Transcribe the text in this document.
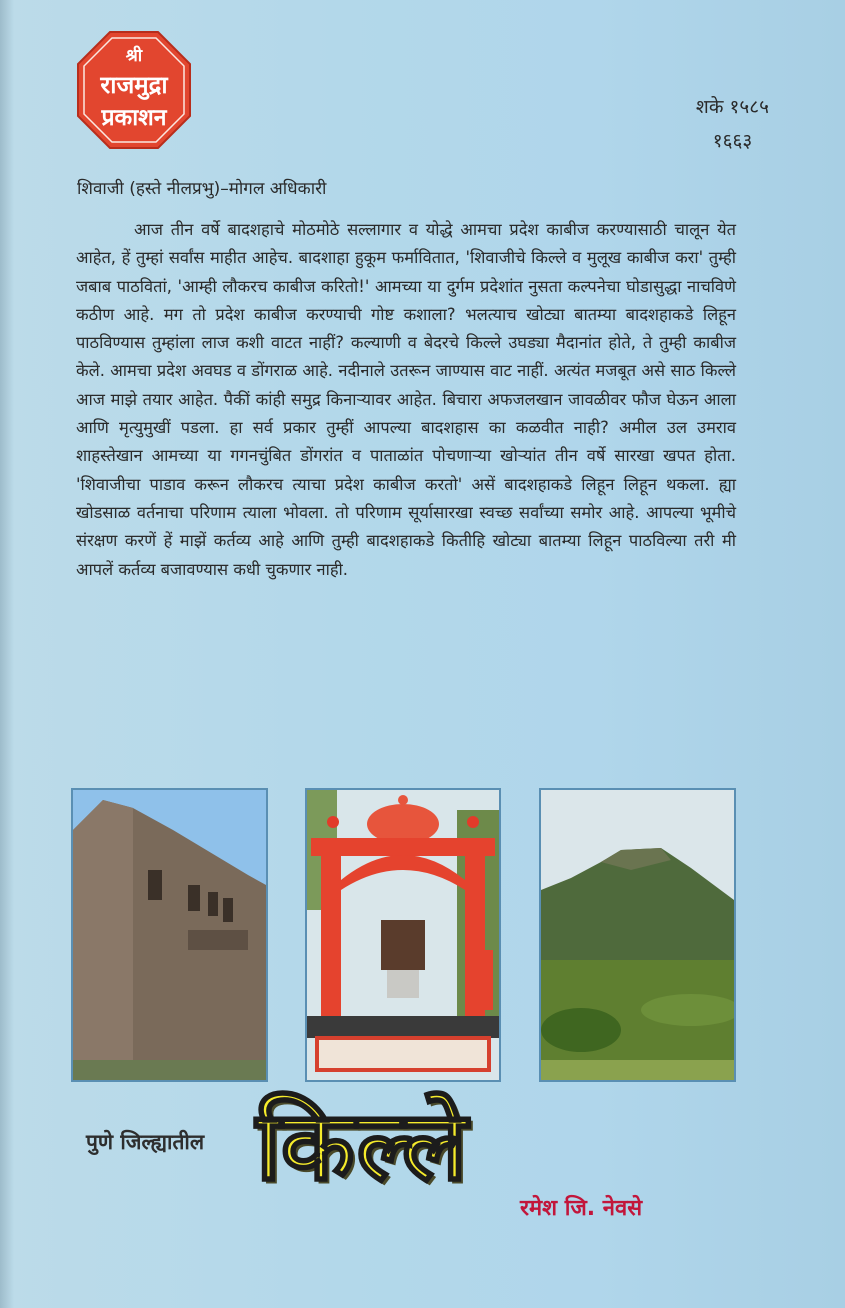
श्री
राजमुद्रा
प्रकाशन	शके १५८५
१६६३
शिवाजी (हस्ते नीलप्रभु)–मोगल अधिकारी

आज तीन वर्षे बादशहाचे मोठमोठे सल्लागार व योद्धे आमचा प्रदेश काबीज करण्यासाठी चालून येत आहेत, हें तुम्हां सर्वांस माहीत आहेच. बादशाहा हुकूम फर्मावितात, 'शिवाजीचे किल्ले व मुलूख काबीज करा' तुम्ही जबाब पाठवितां, 'आम्ही लौकरच काबीज करितो!' आमच्या या दुर्गम प्रदेशांत नुसता कल्पनेचा घोडासुद्धा नाचविणे कठीण आहे. मग तो प्रदेश काबीज करण्याची गोष्ट कशाला? भलत्याच खोट्या बातम्या बादशहाकडे लिहून पाठविण्यास तुम्हांला लाज कशी वाटत नाहीं? कल्याणी व बेदरचे किल्ले उघड्या मैदानांत होते, ते तुम्ही काबीज केले. आमचा प्रदेश अवघड व डोंगराळ आहे. नदीनाले उतरून जाण्यास वाट नाहीं. अत्यंत मजबूत असे साठ किल्ले आज माझे तयार आहेत. पैकीं कांही समुद्र किनाऱ्यावर आहेत. बिचारा अफजलखान जावळीवर फौज घेऊन आला आणि मृत्युमुखीं पडला. हा सर्व प्रकार तुम्हीं आपल्या बादशहास का कळवीत नाही? अमील उल उमराव शाहस्तेखान आमच्या या गगनचुंबित डोंगरांत व पाताळांत पोचणाऱ्या खोऱ्यांत तीन वर्षे सारखा खपत होता. 'शिवाजीचा पाडाव करून लौकरच त्याचा प्रदेश काबीज करतो' असें बादशहाकडे लिहून लिहून थकला. ह्या खोडसाळ वर्तनाचा परिणाम त्याला भोवला. तो परिणाम सूर्यासारखा स्वच्छ सर्वांच्या समोर आहे. आपल्या भूमीचे संरक्षण करणें हें माझें कर्तव्य आहे आणि तुम्ही बादशहाकडे कितीहि खोट्या बातम्या लिहून पाठविल्या तरी मी आपलें कर्तव्य बजावण्यास कधी चुकणार नाही.

पुणे जिल्ह्यातील किल्ले
रमेश जि. नेवसे
